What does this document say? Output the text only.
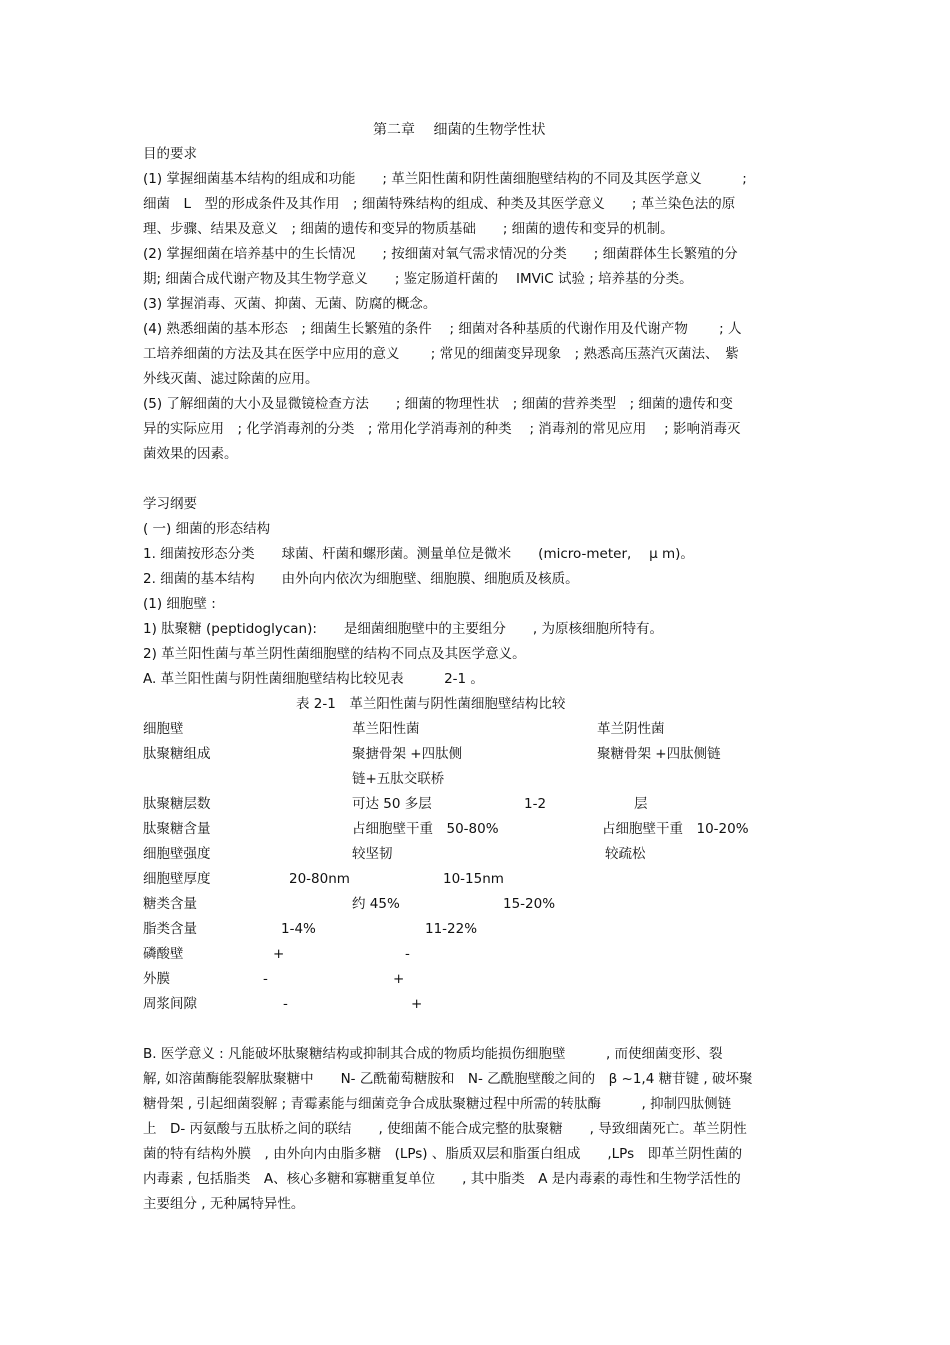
第二章　 细菌的生物学性状
目的要求
(1) 掌握细菌基本结构的组成和功能　　; 革兰阳性菌和阴性菌细胞壁结构的不同及其医学意义　　　;
细菌　L　型的形成条件及其作用　; 细菌特殊结构的组成、种类及其医学意义　　; 革兰染色法的原
理、步骤、结果及意义　; 细菌的遗传和变异的物质基础　　; 细菌的遗传和变异的机制。
(2) 掌握细菌在培养基中的生长情况　　; 按细菌对氧气需求情况的分类　　; 细菌群体生长繁殖的分
期; 细菌合成代谢产物及其生物学意义　　; 鉴定肠道杆菌的　 IMViC 试验 ; 培养基的分类。
(3) 掌握消毒、灭菌、抑菌、无菌、防腐的概念。
(4) 熟悉细菌的基本形态　; 细菌生长繁殖的条件　 ; 细菌对各种基质的代谢作用及代谢产物　　 ; 人
工培养细菌的方法及其在医学中应用的意义　　 ; 常见的细菌变异现象　; 熟悉高压蒸汽灭菌法、　紫
外线灭菌、滤过除菌的应用。
(5) 了解细菌的大小及显微镜检查方法　　; 细菌的物理性状　; 细菌的营养类型　; 细菌的遗传和变
异的实际应用　; 化学消毒剂的分类　; 常用化学消毒剂的种类　 ; 消毒剂的常见应用　 ; 影响消毒灭
菌效果的因素。
学习纲要
( 一) 细菌的形态结构
1. 细菌按形态分类　　球菌、杆菌和螺形菌。测量单位是微米　　(micro-meter,　 μ m)。
2. 细菌的基本结构　　由外向内依次为细胞壁、细胞膜、细胞质及核质。
(1) 细胞壁 :
1) 肽聚糖 (peptidoglycan):　　是细菌细胞壁中的主要组分　　, 为原核细胞所特有。
2) 革兰阳性菌与革兰阴性菌细胞壁的结构不同点及其医学意义。
A. 革兰阳性菌与阴性菌细胞壁结构比较见表　　　2-1 。
表 2-1　革兰阳性菌与阴性菌细胞壁结构比较
细胞壁	革兰阳性菌	革兰阴性菌
肽聚糖组成	聚搪骨架 +四肽侧	聚糖骨架 +四肽侧链
链+五肽交联桥
肽聚糖层数	可达 50 多层	1-2	层
肽聚糖含量	占细胞壁干重　50-80%	占细胞壁干重　10-20%
细胞壁强度	较坚韧	较疏松
细胞壁厚度	20-80nm	10-15nm
糖类含量	约 45%	15-20%
脂类含量	1-4%	11-22%
磷酸壁	+	-
外膜	-	+
周浆间隙	-	+
B. 医学意义 : 凡能破坏肽聚糖结构或抑制其合成的物质均能损伤细胞壁　　　, 而使细菌变形、裂
解, 如溶菌酶能裂解肽聚糖中　　N- 乙酰葡萄糖胺和　N- 乙酰胞壁酸之间的　β ~1,4 糖苷键 , 破坏聚
糖骨架 , 引起细菌裂解 ; 青霉素能与细菌竞争合成肽聚糖过程中所需的转肽酶　　　, 抑制四肽侧链
上　D- 丙氨酸与五肽桥之间的联结　　, 使细菌不能合成完整的肽聚糖　　, 导致细菌死亡。革兰阴性
菌的特有结构外膜　, 由外向内由脂多糖　(LPs) 、脂质双层和脂蛋白组成　　,LPs　即革兰阴性菌的
内毒素 , 包括脂类　A、核心多糖和寡糖重复单位　　, 其中脂类　A 是内毒素的毒性和生物学活性的
主要组分 , 无种属特异性。
